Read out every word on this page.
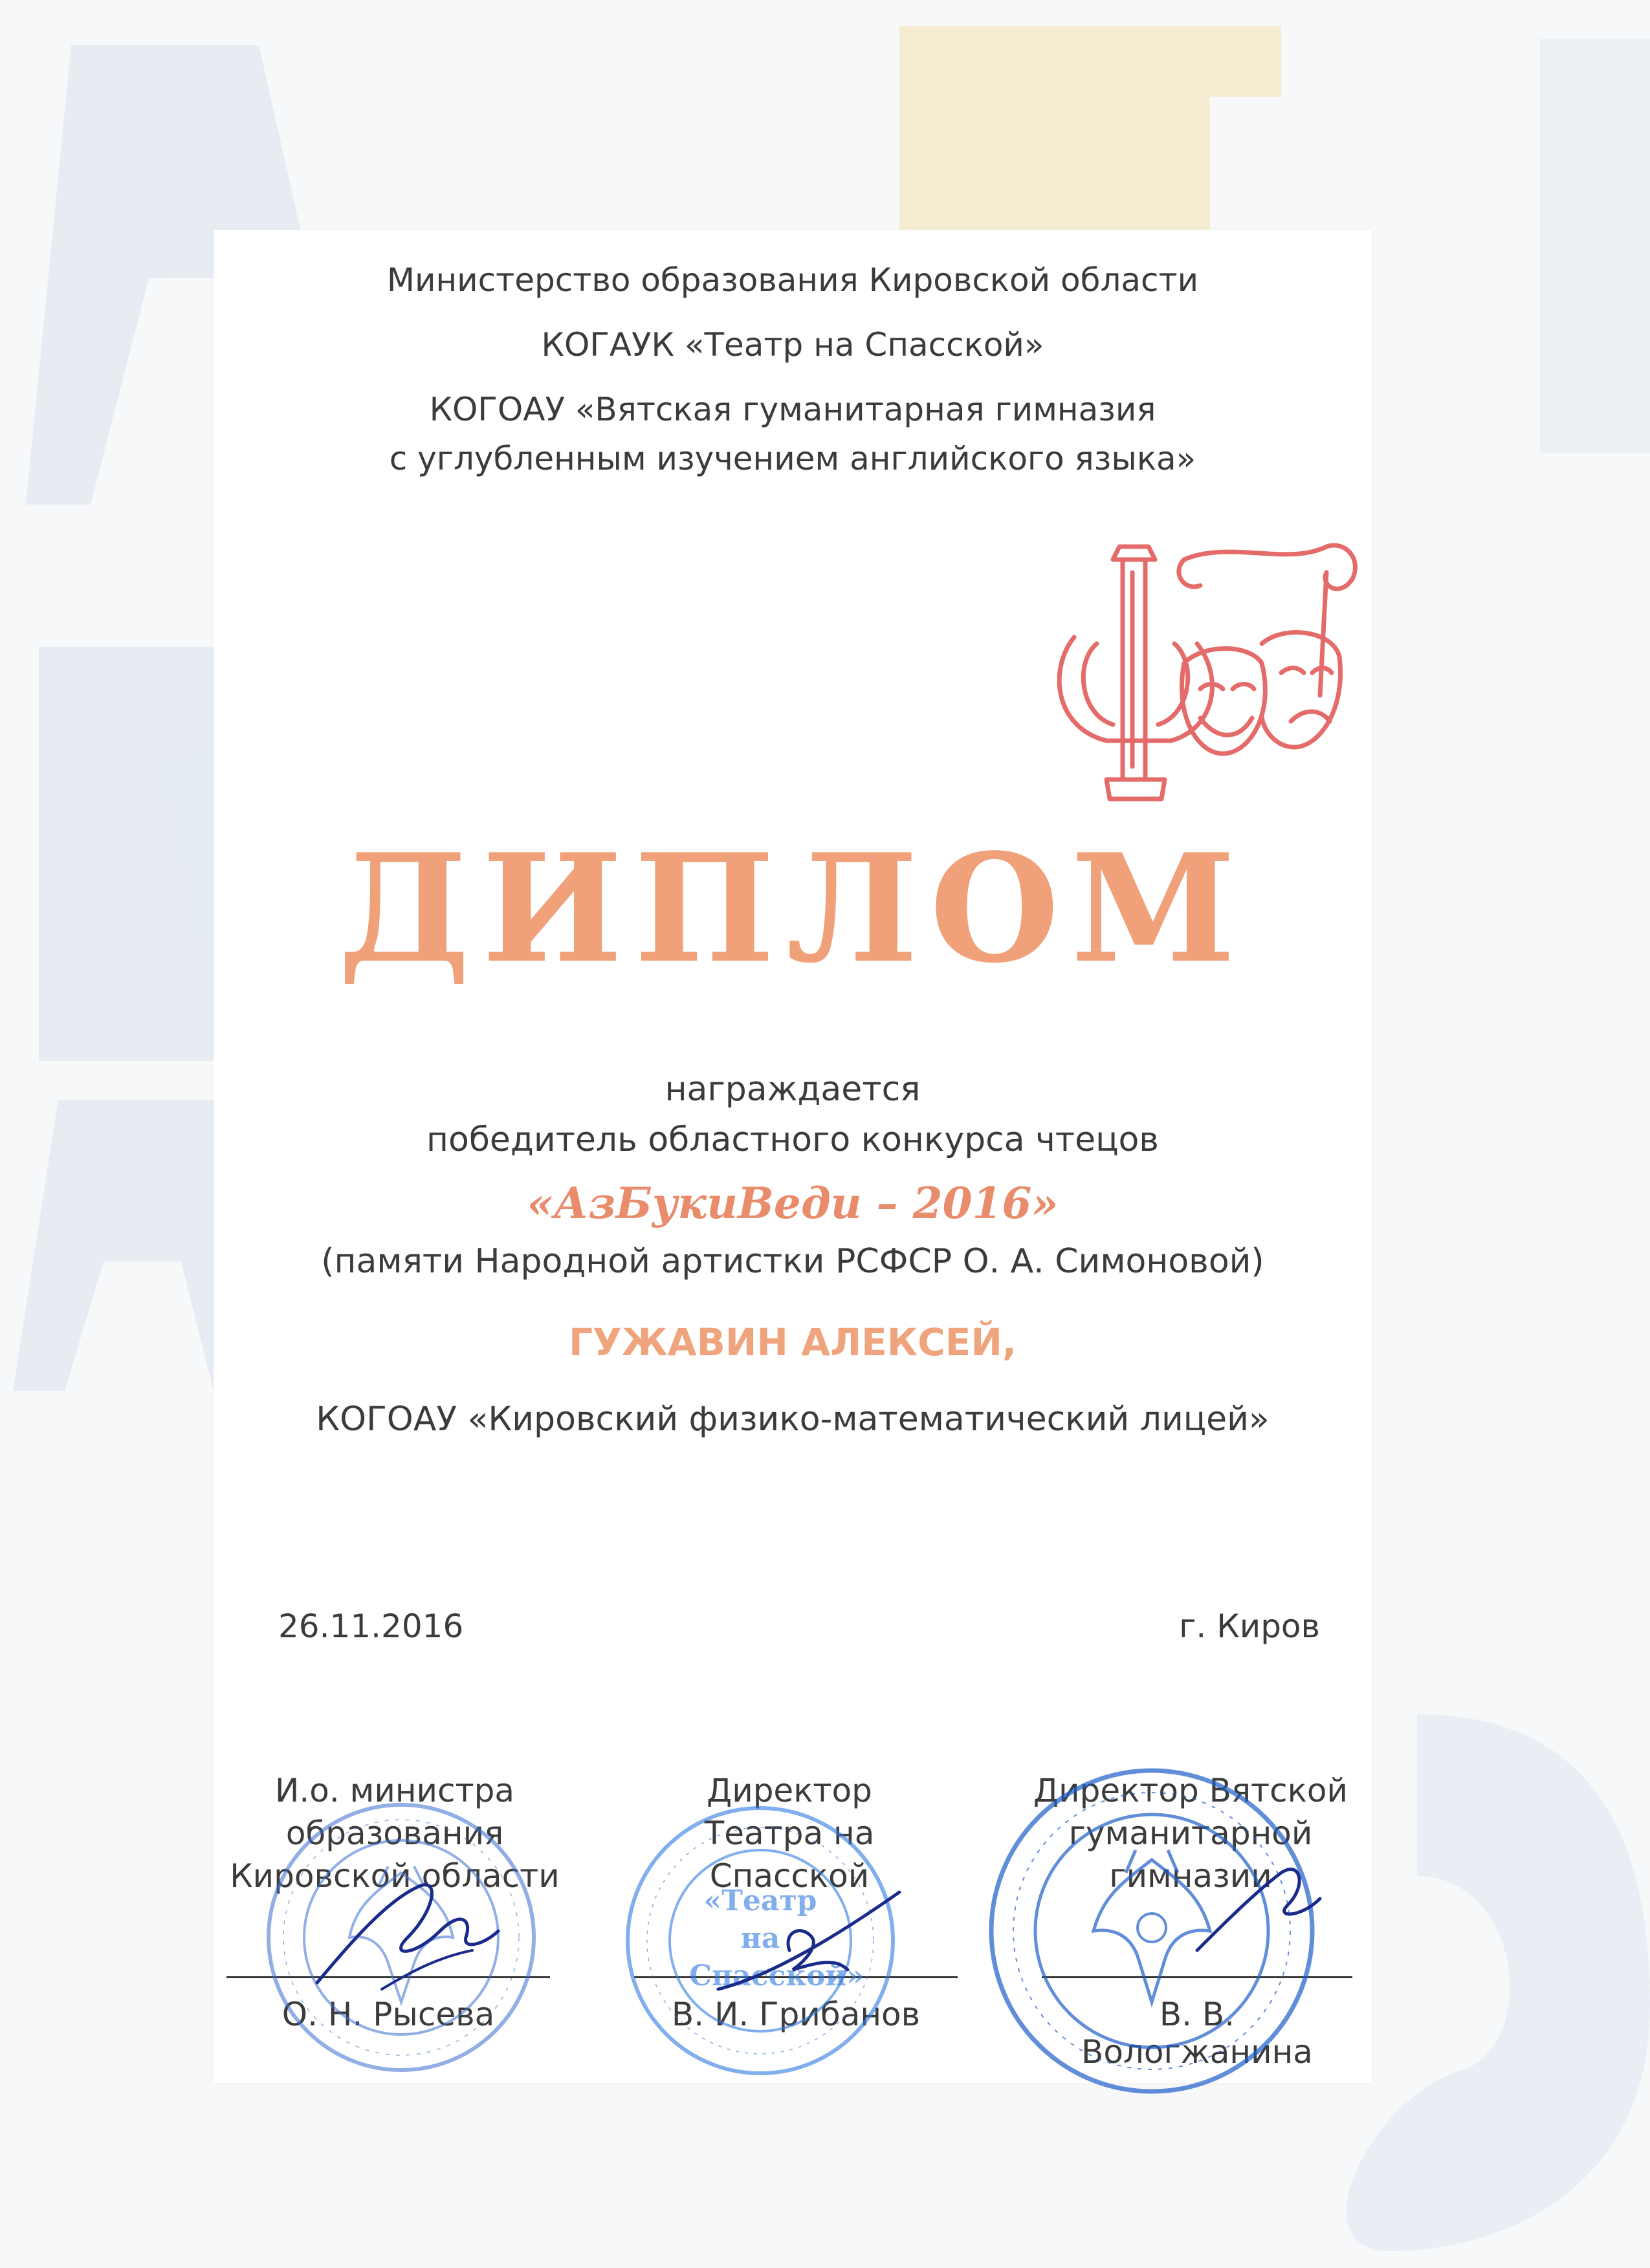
Министерство образования Кировской области
КОГАУК «Театр на Спасской»
КОГОАУ «Вятская гуманитарная гимназия
с углубленным изучением английского языка»
ДИПЛОМ
награждается
победитель областного конкурса чтецов
«АзБукиВеди – 2016»
(памяти Народной артистки РСФСР О. А. Симоновой)
ГУЖАВИН АЛЕКСЕЙ,
КОГОАУ «Кировский физико-математический лицей»
26.11.2016	г. Киров
И.о. министра
образования
Кировской области
Директор
Театра на Спасской
Директор Вятской
гуманитарной
гимназии
О. Н. Рысева	В. И. Грибанов	В. В. Вологжанина
«Театр на Спасской»
